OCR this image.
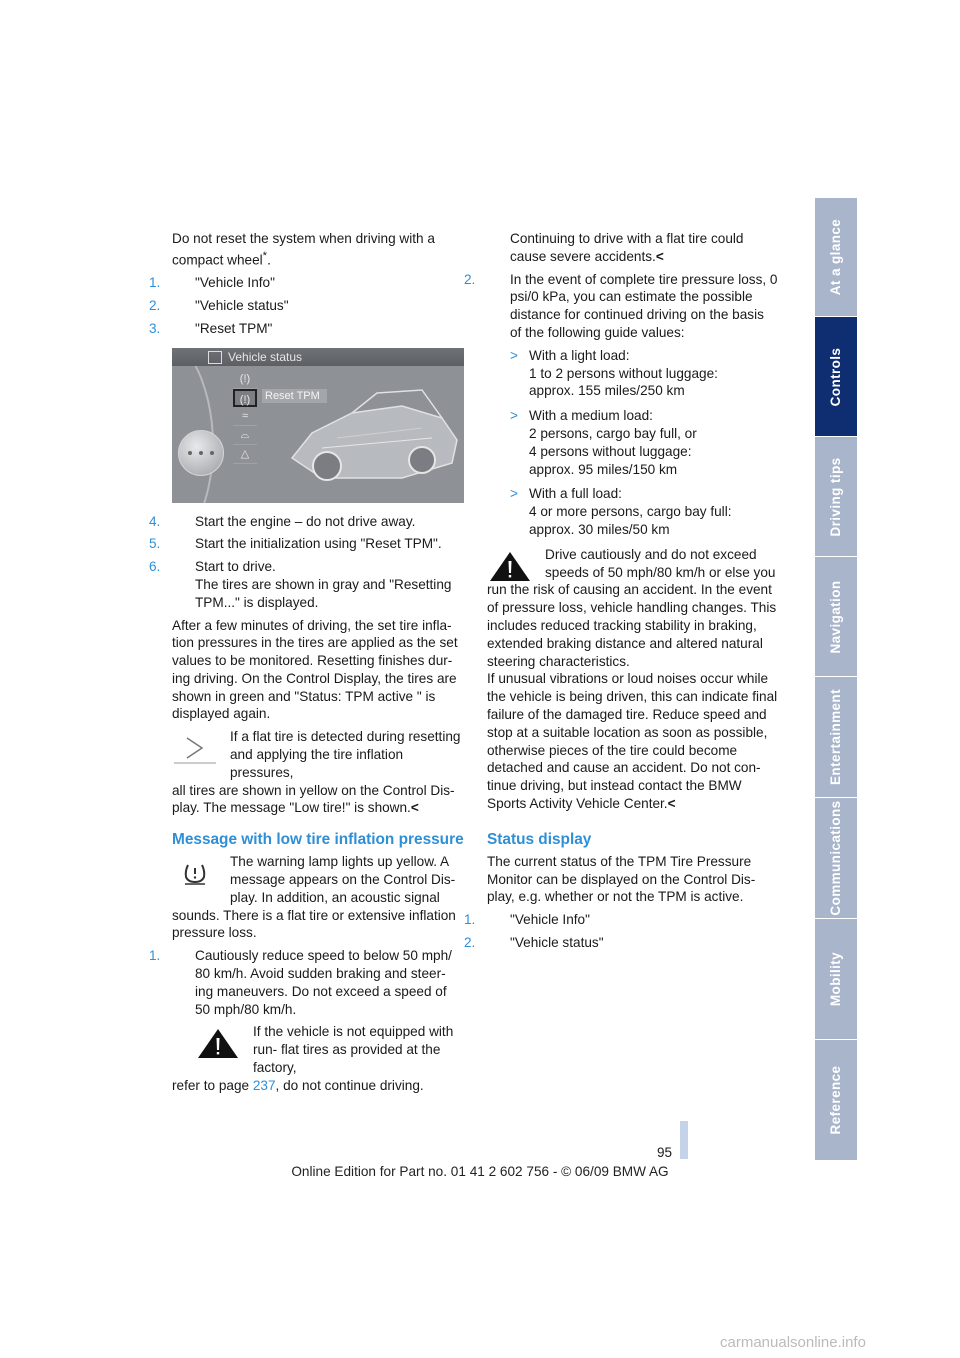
Do not reset the system when driving with a compact wheel*.

1.	"Vehicle Info"

2.	"Vehicle status"

3.	"Reset TPM"

Vehicle status
(!)
(!)
≈
⌓
△
Reset TPM

4.	Start the engine – do not drive away.

5.	Start the initialization using "Reset TPM".

6.	Start to drive.

The tires are shown in gray and "Resetting TPM..." is displayed.

After a few minutes of driving, the set tire infla- tion pressures in the tires are applied as the set values to be monitored. Resetting finishes dur- ing driving. On the Control Display, the tires are shown in green and "Status: TPM active " is displayed again.

If a flat tire is detected during resetting and applying the tire inflation pressures,

all tires are shown in yellow on the Control Dis- play. The message "Low tire!" is shown.<

Message with low tire inflation pressure
The warning lamp lights up yellow. A message appears on the Control Dis- play. In addition, an acoustic signal

sounds. There is a flat tire or extensive inflation pressure loss.

1.	Cautiously reduce speed to below 50 mph/ 80 km/h. Avoid sudden braking and steer- ing maneuvers. Do not exceed a speed of 50 mph/80 km/h.

If the vehicle is not equipped with run- flat tires as provided at the factory,

refer to page 237, do not continue driving.

Continuing to drive with a flat tire could cause severe accidents.<

2.	In the event of complete tire pressure loss, 0 psi/0 kPa, you can estimate the possible distance for continued driving on the basis of the following guide values:

> With a light load:
1 to 2 persons without luggage:
approx. 155 miles/250 km
> With a medium load:
2 persons, cargo bay full, or
4 persons without luggage:
approx. 95 miles/150 km
> With a full load:
4 or more persons, cargo bay full:
approx. 30 miles/50 km
Drive cautiously and do not exceed speeds of 50 mph/80 km/h or else you

run the risk of causing an accident. In the event of pressure loss, vehicle handling changes. This includes reduced tracking stability in braking, extended braking distance and altered natural steering characteristics.

If unusual vibrations or loud noises occur while the vehicle is being driven, this can indicate final failure of the damaged tire. Reduce speed and stop at a suitable location as soon as possible, otherwise pieces of the tire could become detached and cause an accident. Do not con- tinue driving, but instead contact the BMW Sports Activity Vehicle Center.<

Status display

The current status of the TPM Tire Pressure Monitor can be displayed on the Control Dis- play, e.g. whether or not the TPM is active.

1.	"Vehicle Info"

2.	"Vehicle status"

At a glance
Controls
Driving tips
Navigation
Entertainment
Communications
Mobility
Reference
95
Online Edition for Part no. 01 41 2 602 756 - © 06/09 BMW AG
carmanualsonline.info
